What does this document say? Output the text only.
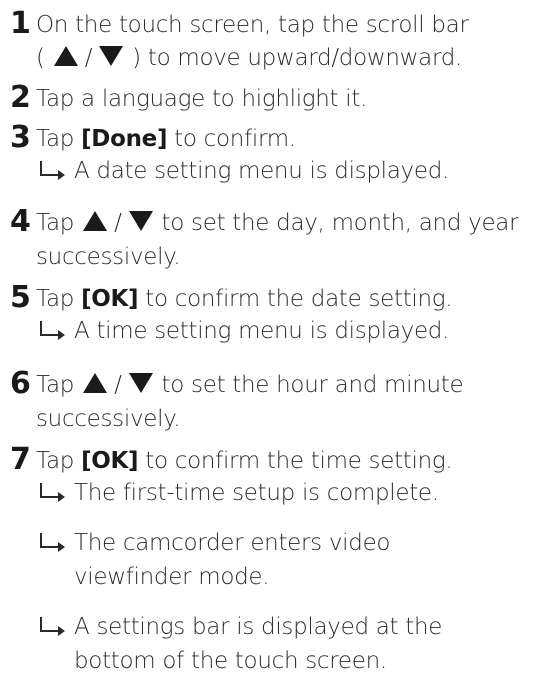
1 On the touch screen, tap the scroll bar
( / ) to move upward/downward.
2 Tap a language to highlight it.
3 Tap [Done] to confirm.
A date setting menu is displayed.
4 Tap / to set the day, month, and year
successively.
5 Tap [OK] to confirm the date setting.
A time setting menu is displayed.
6 Tap / to set the hour and minute
successively.
7 Tap [OK] to confirm the time setting.
The first-time setup is complete.
The camcorder enters video
viewfinder mode.
A settings bar is displayed at the
bottom of the touch screen.
